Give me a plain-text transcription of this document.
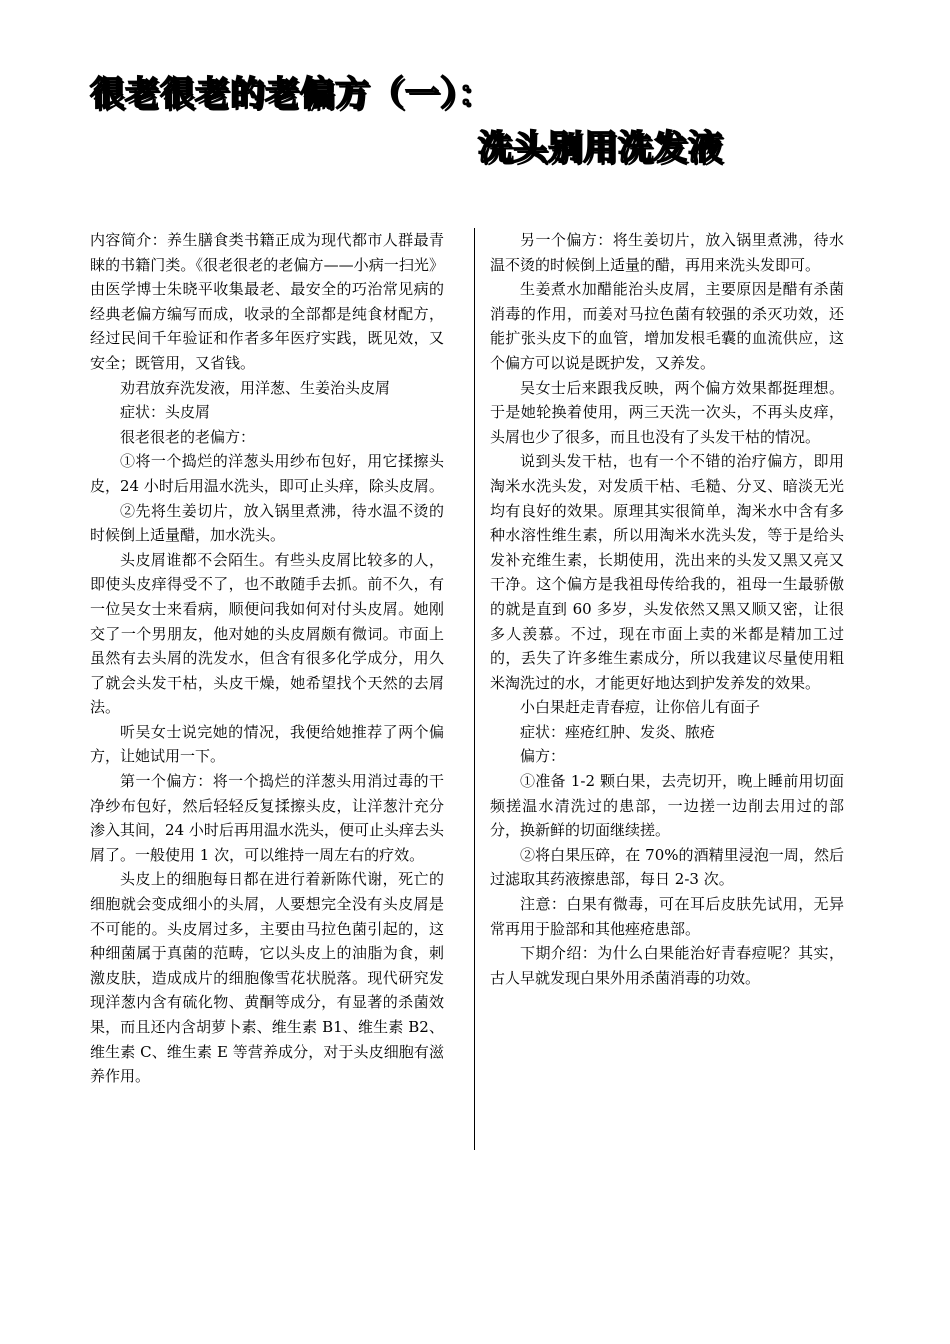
很老很老的老偏方（一）：
洗头别用洗发液

内容简介：养生膳食类书籍正成为现代都市人群最青睐的书籍门类。《很老很老的老偏方——小病一扫光》由医学博士朱晓平收集最老、最安全的巧治常见病的经典老偏方编写而成，收录的全部都是纯食材配方，经过民间千年验证和作者多年医疗实践，既见效，又安全；既管用，又省钱。

劝君放弃洗发液，用洋葱、生姜治头皮屑

症状：头皮屑

很老很老的老偏方：

①将一个捣烂的洋葱头用纱布包好，用它揉擦头皮，24 小时后用温水洗头，即可止头痒，除头皮屑。

②先将生姜切片，放入锅里煮沸，待水温不烫的时候倒上适量醋，加水洗头。

头皮屑谁都不会陌生。有些头皮屑比较多的人，即使头皮痒得受不了，也不敢随手去抓。前不久，有一位吴女士来看病，顺便问我如何对付头皮屑。她刚交了一个男朋友，他对她的头皮屑颇有微词。市面上虽然有去头屑的洗发水，但含有很多化学成分，用久了就会头发干枯，头皮干燥，她希望找个天然的去屑法。

听吴女士说完她的情况，我便给她推荐了两个偏方，让她试用一下。

第一个偏方：将一个捣烂的洋葱头用消过毒的干净纱布包好，然后轻轻反复揉擦头皮，让洋葱汁充分渗入其间，24 小时后再用温水洗头，便可止头痒去头屑了。一般使用 1 次，可以维持一周左右的疗效。

头皮上的细胞每日都在进行着新陈代谢，死亡的细胞就会变成细小的头屑，人要想完全没有头皮屑是不可能的。头皮屑过多，主要由马拉色菌引起的，这种细菌属于真菌的范畴，它以头皮上的油脂为食，刺激皮肤，造成成片的细胞像雪花状脱落。现代研究发现洋葱内含有硫化物、黄酮等成分，有显著的杀菌效果，而且还内含胡萝卜素、维生素 B1、维生素 B2、维生素 C、维生素 E 等营养成分，对于头皮细胞有滋养作用。

另一个偏方：将生姜切片，放入锅里煮沸，待水温不烫的时候倒上适量的醋，再用来洗头发即可。

生姜煮水加醋能治头皮屑，主要原因是醋有杀菌消毒的作用，而姜对马拉色菌有较强的杀灭功效，还能扩张头皮下的血管，增加发根毛囊的血流供应，这个偏方可以说是既护发，又养发。

吴女士后来跟我反映，两个偏方效果都挺理想。于是她轮换着使用，两三天洗一次头，不再头皮痒，头屑也少了很多，而且也没有了头发干枯的情况。

说到头发干枯，也有一个不错的治疗偏方，即用淘米水洗头发，对发质干枯、毛糙、分叉、暗淡无光均有良好的效果。原理其实很简单，淘米水中含有多种水溶性维生素，所以用淘米水洗头发，等于是给头发补充维生素，长期使用，洗出来的头发又黑又亮又干净。这个偏方是我祖母传给我的，祖母一生最骄傲的就是直到 60 多岁，头发依然又黑又顺又密，让很多人羡慕。不过，现在市面上卖的米都是精加工过的，丢失了许多维生素成分，所以我建议尽量使用粗米淘洗过的水，才能更好地达到护发养发的效果。

小白果赶走青春痘，让你倍儿有面子

症状：痤疮红肿、发炎、脓疮

偏方：

①准备 1-2 颗白果，去壳切开，晚上睡前用切面频搓温水清洗过的患部，一边搓一边削去用过的部分，换新鲜的切面继续搓。

②将白果压碎，在 70%的酒精里浸泡一周，然后过滤取其药液擦患部，每日 2-3 次。

注意：白果有微毒，可在耳后皮肤先试用，无异常再用于脸部和其他痤疮患部。

下期介绍：为什么白果能治好青春痘呢？其实，古人早就发现白果外用杀菌消毒的功效。
